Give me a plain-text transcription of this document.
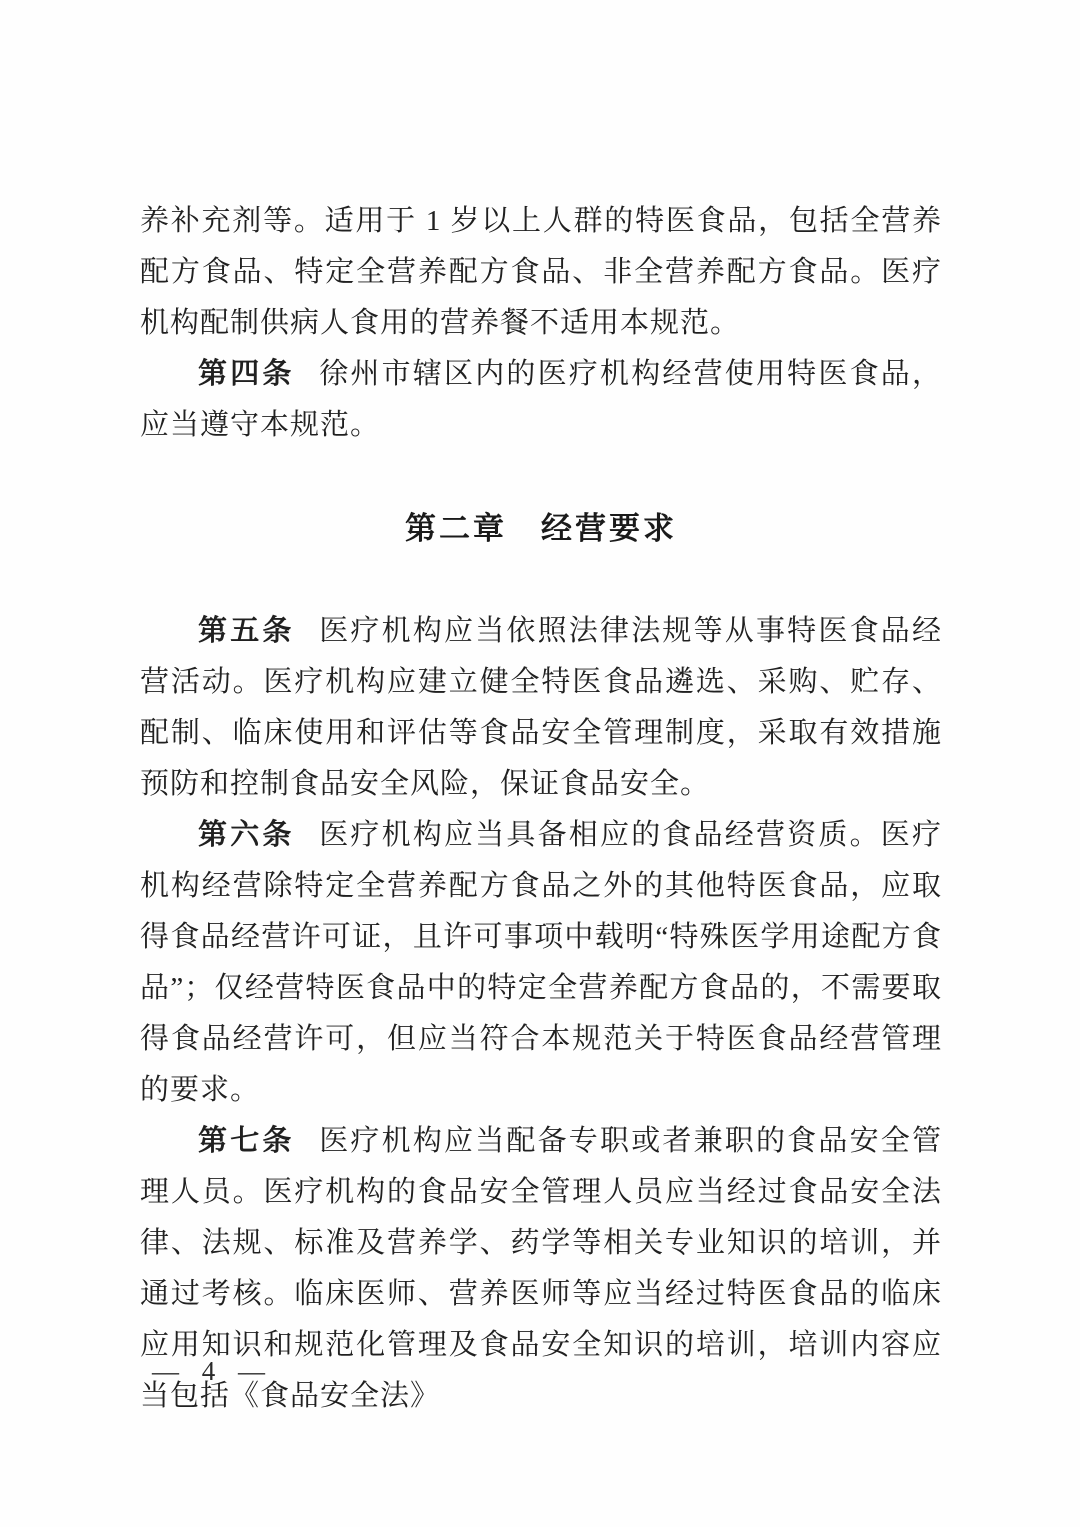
养补充剂等。适用于 1 岁以上人群的特医食品，包括全营养配方食品、特定全营养配方食品、非全营养配方食品。医疗机构配制供病人食用的营养餐不适用本规范。

第四条 徐州市辖区内的医疗机构经营使用特医食品，应当遵守本规范。

第二章　经营要求

第五条 医疗机构应当依照法律法规等从事特医食品经营活动。医疗机构应建立健全特医食品遴选、采购、贮存、配制、临床使用和评估等食品安全管理制度，采取有效措施预防和控制食品安全风险，保证食品安全。

第六条 医疗机构应当具备相应的食品经营资质。医疗机构经营除特定全营养配方食品之外的其他特医食品，应取得食品经营许可证，且许可事项中载明“特殊医学用途配方食品”；仅经营特医食品中的特定全营养配方食品的，不需要取得食品经营许可，但应当符合本规范关于特医食品经营管理的要求。

第七条 医疗机构应当配备专职或者兼职的食品安全管理人员。医疗机构的食品安全管理人员应当经过食品安全法律、法规、标准及营养学、药学等相关专业知识的培训，并通过考核。临床医师、营养医师等应当经过特医食品的临床应用知识和规范化管理及食品安全知识的培训，培训内容应当包括《食品安全法》

— 4 —
